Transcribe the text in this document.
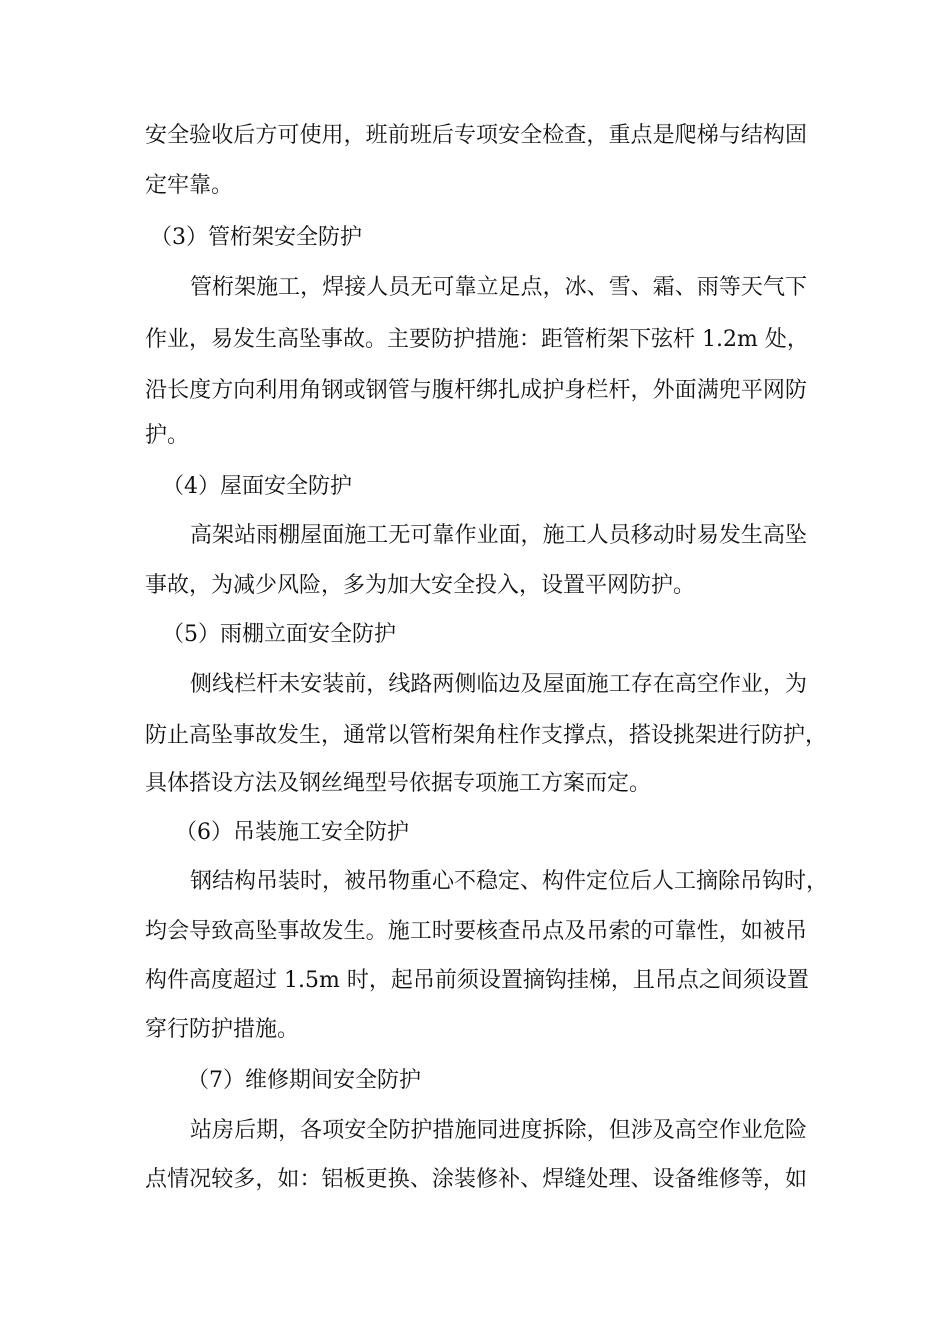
安全验收后方可使用，班前班后专项安全检查，重点是爬梯与结构固
定牢靠。
（3）管桁架安全防护
管桁架施工，焊接人员无可靠立足点，冰、雪、霜、雨等天气下
作业，易发生高坠事故。主要防护措施：距管桁架下弦杆 1.2m 处，
沿长度方向利用角钢或钢管与腹杆绑扎成护身栏杆，外面满兜平网防
护。
（4）屋面安全防护
高架站雨棚屋面施工无可靠作业面，施工人员移动时易发生高坠
事故，为减少风险，多为加大安全投入，设置平网防护。
（5）雨棚立面安全防护
侧线栏杆未安装前，线路两侧临边及屋面施工存在高空作业，为
防止高坠事故发生，通常以管桁架角柱作支撑点，搭设挑架进行防护，
具体搭设方法及钢丝绳型号依据专项施工方案而定。
（6）吊装施工安全防护
钢结构吊装时，被吊物重心不稳定、构件定位后人工摘除吊钩时，
均会导致高坠事故发生。施工时要核查吊点及吊索的可靠性，如被吊
构件高度超过 1.5m 时，起吊前须设置摘钩挂梯，且吊点之间须设置
穿行防护措施。
（7）维修期间安全防护
站房后期，各项安全防护措施同进度拆除，但涉及高空作业危险
点情况较多，如：铝板更换、涂装修补、焊缝处理、设备维修等，如
